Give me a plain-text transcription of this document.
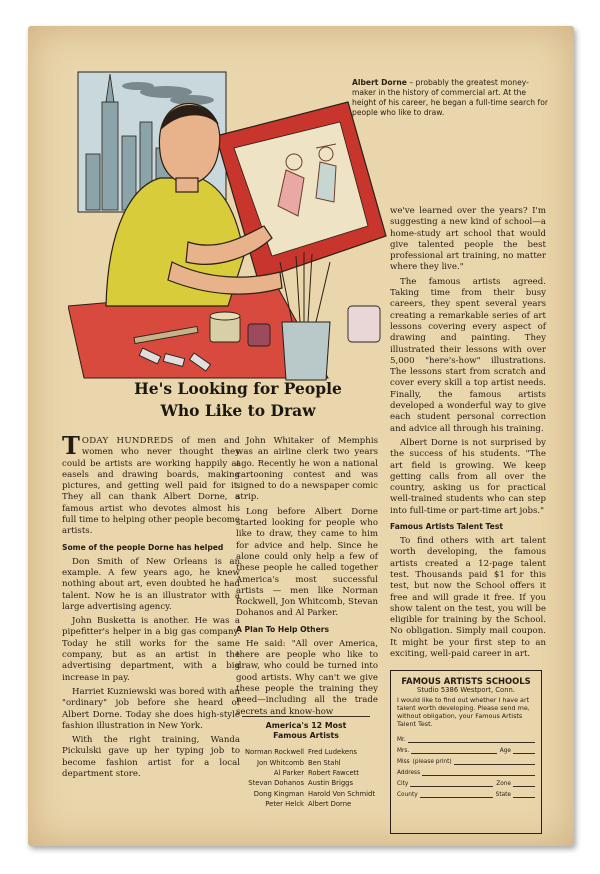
Albert Dorne – probably the greatest money-maker in the history of commercial art. At the height of his career, he began a full-time search for people who like to draw.
He's Looking for People
Who Like to Draw

TODAY HUNDREDS of men and women who never thought they could be artists are working happily at easels and drawing boards, making pictures, and getting well paid for it. They all can thank Albert Dorne, a famous artist who devotes almost his full time to helping other people become artists.

Some of the people Dorne has helped

Don Smith of New Orleans is an example. A few years ago, he knew nothing about art, even doubted he had talent. Now he is an illustrator with a large advertising agency.

John Busketta is another. He was a pipefitter's helper in a big gas company. Today he still works for the same company, but as an artist in the advertising department, with a big increase in pay.

Harriet Kuzniewski was bored with an "ordinary" job before she heard of Albert Dorne. Today she does high-style fashion illustration in New York.

With the right training, Wanda Pickulski gave up her typing job to become fashion artist for a local department store.

John Whitaker of Memphis was an airline clerk two years ago. Recently he won a national cartooning contest and was signed to do a newspaper comic strip.

Long before Albert Dorne started looking for people who like to draw, they came to him for advice and help. Since he alone could only help a few of these people he called together America's most successful artists — men like Norman Rockwell, Jon Whitcomb, Stevan Dohanos and Al Parker.

A Plan To Help Others

He said: "All over America, there are people who like to draw, who could be turned into good artists. Why can't we give these people the training they need—including all the trade secrets and know-how

we've learned over the years? I'm suggesting a new kind of school—a home-study art school that would give talented people the best professional art training, no matter where they live."

The famous artists agreed. Taking time from their busy careers, they spent several years creating a remarkable series of art lessons covering every aspect of drawing and painting. They illustrated their lessons with over 5,000 "here's-how" illustrations. The lessons start from scratch and cover every skill a top artist needs. Finally, the famous artists developed a wonderful way to give each student personal correction and advice all through his training.

Albert Dorne is not surprised by the success of his students. "The art field is growing. We keep getting calls from all over the country, asking us for practical well-trained students who can step into full-time or part-time art jobs."

Famous Artists Talent Test

To find others with art talent worth developing, the famous artists created a 12-page talent test. Thousands paid $1 for this test, but now the School offers it free and will grade it free. If you show talent on the test, you will be eligible for training by the School. No obligation. Simply mail coupon. It might be your first step to an exciting, well-paid career in art.

America's 12 Most
Famous Artists
Norman Rockwell	Fred Ludekens
Jon Whitcomb	Ben Stahl
Al Parker	Robert Fawcett
Stevan Dohanos	Austin Briggs
Dong Kingman	Harold Von Schmidt
Peter Helck	Albert Dorne
FAMOUS ARTISTS SCHOOLS
Studio 5386 Westport, Conn.
I would like to find out whether I have art talent worth developing. Please send me, without obligation, your Famous Artists Talent Test.
Mr.
Mrs.	Age
Miss (please print)
Address
City	Zone
County	State
